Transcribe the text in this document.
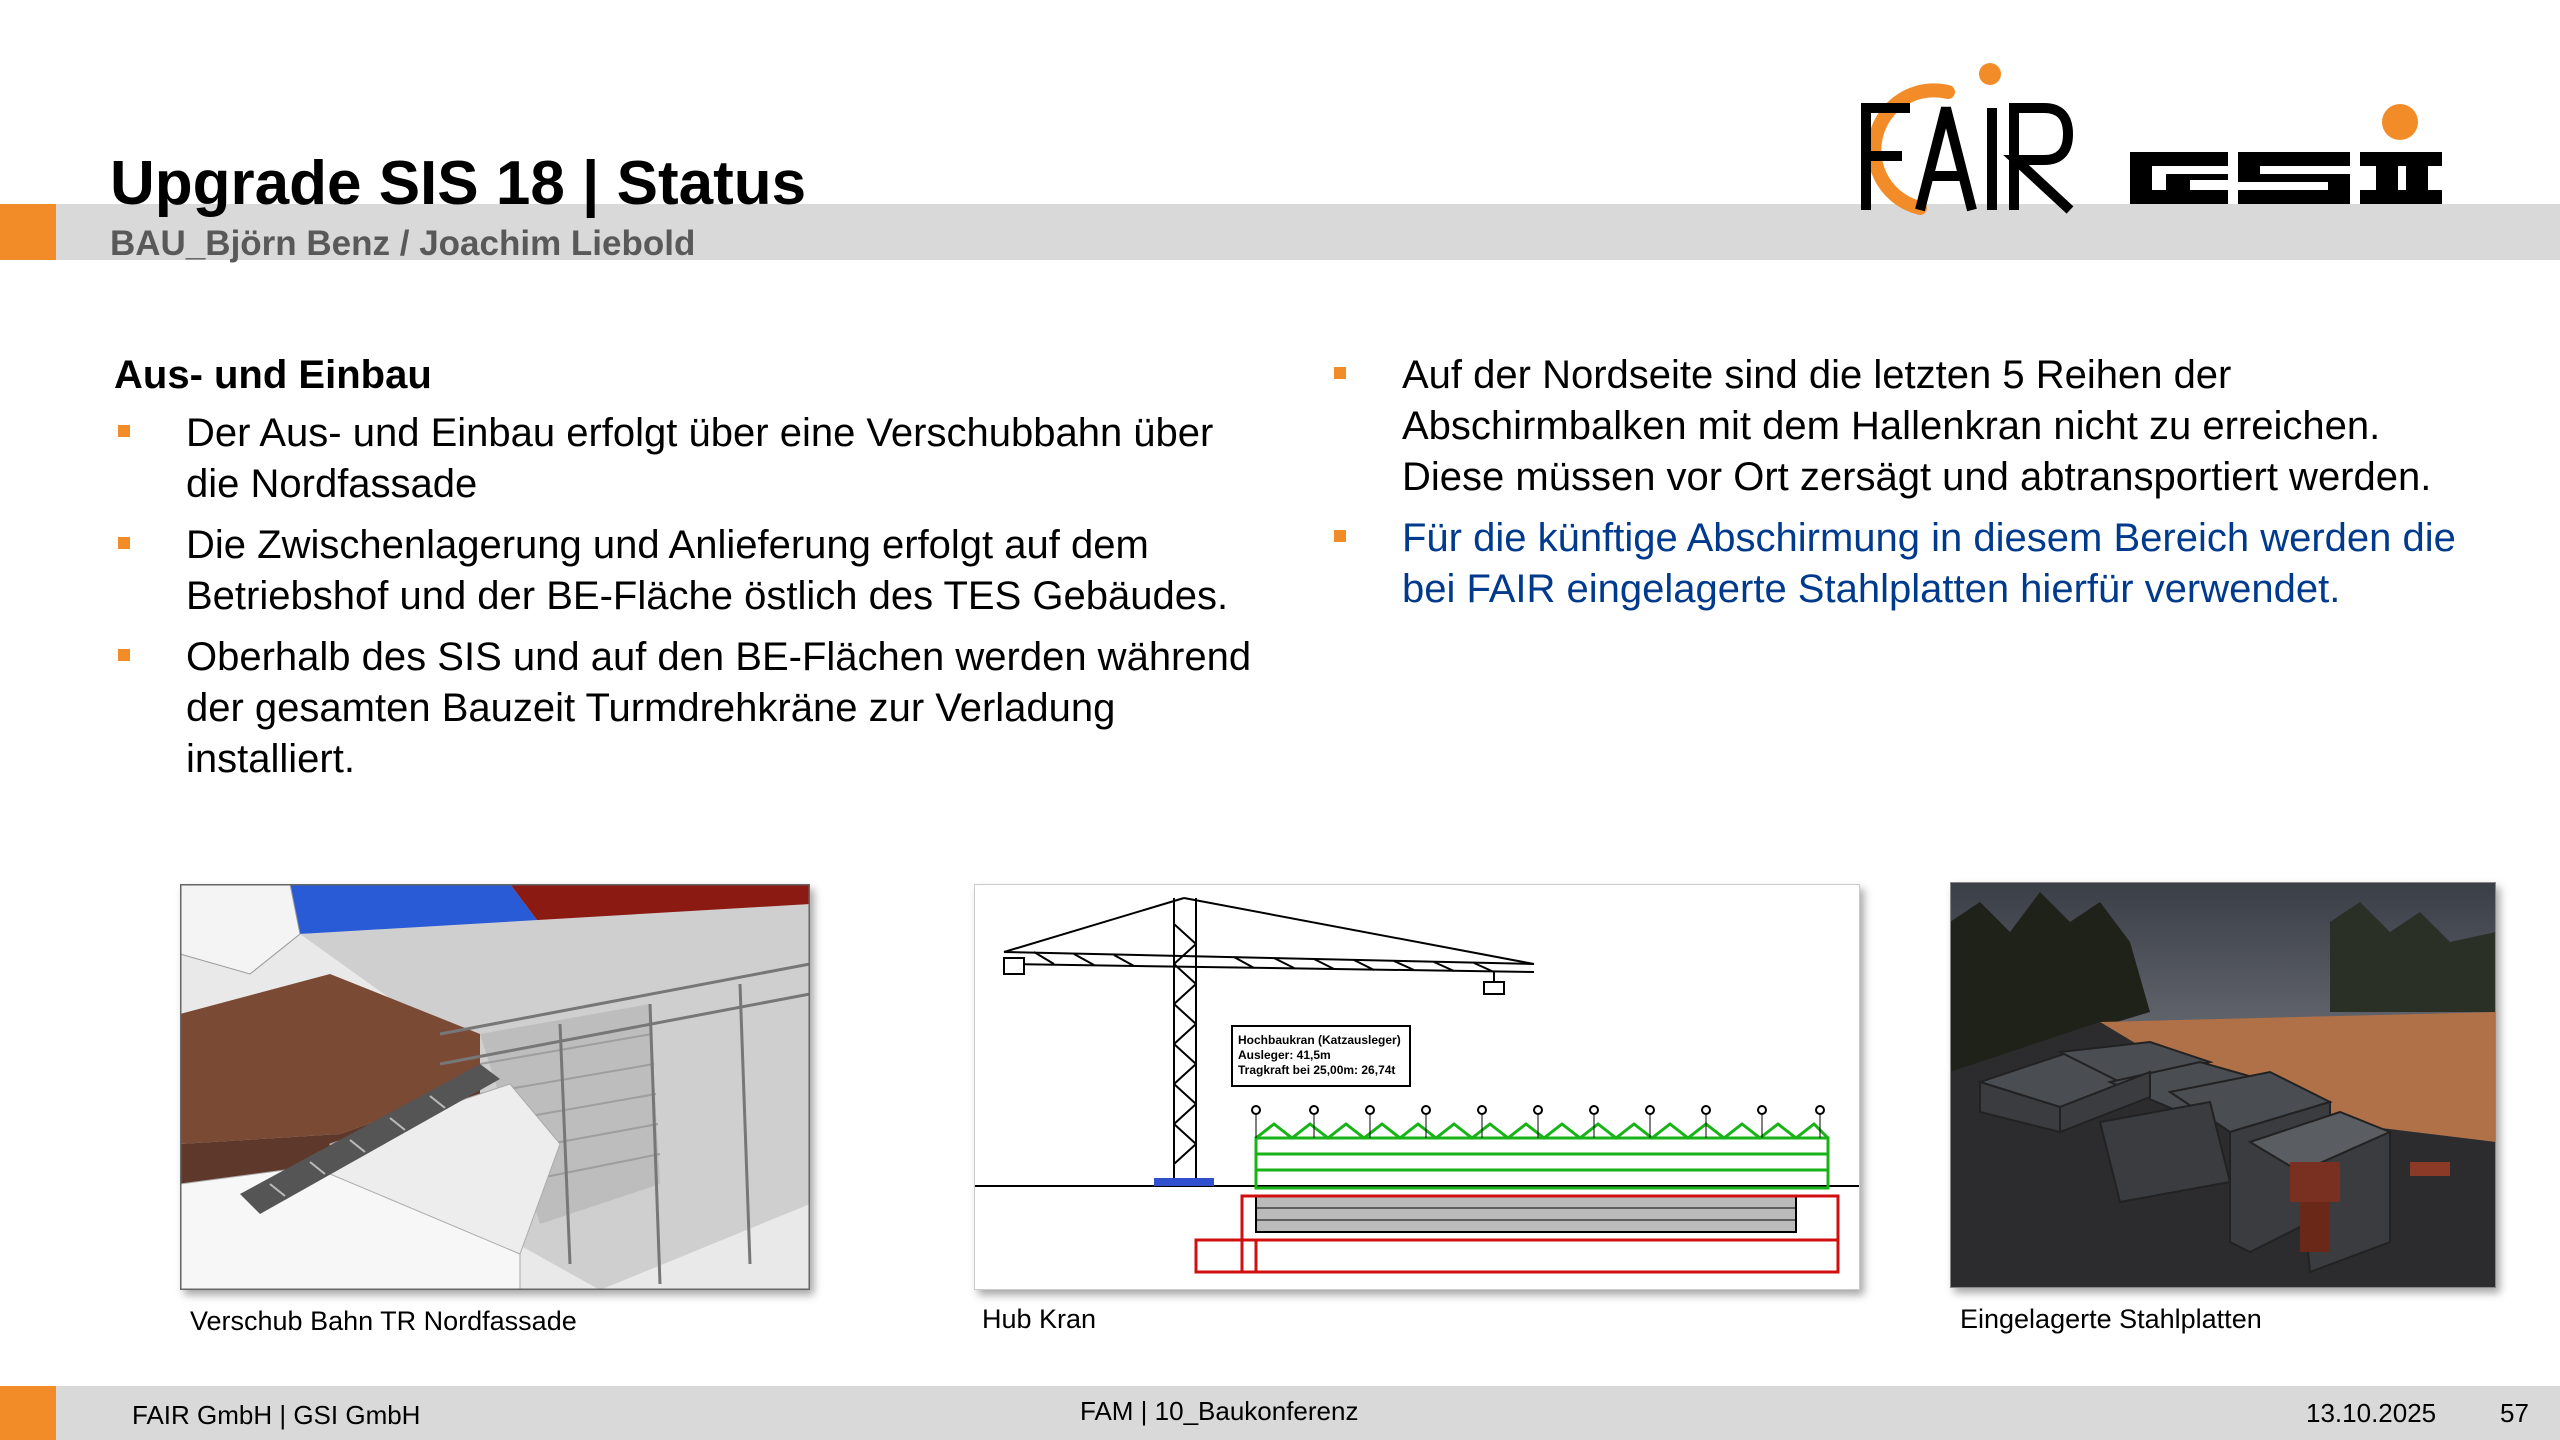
Upgrade SIS 18 | Status
BAU_Björn Benz / Joachim Liebold
Aus- und Einbau
Der Aus- und Einbau erfolgt über eine Verschubbahn über die Nordfassade
Die Zwischenlagerung und Anlieferung erfolgt auf dem Betriebshof und der BE-Fläche östlich des TES Gebäudes.
Oberhalb des SIS und auf den BE-Flächen werden während der gesamten Bauzeit Turmdrehkräne zur Verladung installiert.
Auf der Nordseite sind die letzten 5 Reihen der Abschirmbalken mit dem Hallenkran nicht zu erreichen. Diese müssen vor Ort zersägt und abtransportiert werden.
Für die künftige Abschirmung in diesem Bereich werden die bei FAIR eingelagerte Stahlplatten hierfür verwendet.
Verschub Bahn TR Nordfassade
Hochbaukran (Katzausleger)
Ausleger: 41,5m
Tragkraft bei 25,00m: 26,74t
Hub Kran	Eingelagerte Stahlplatten
FAIR GmbH | GSI GmbH	FAM | 10_Baukonferenz	13.10.2025 57
